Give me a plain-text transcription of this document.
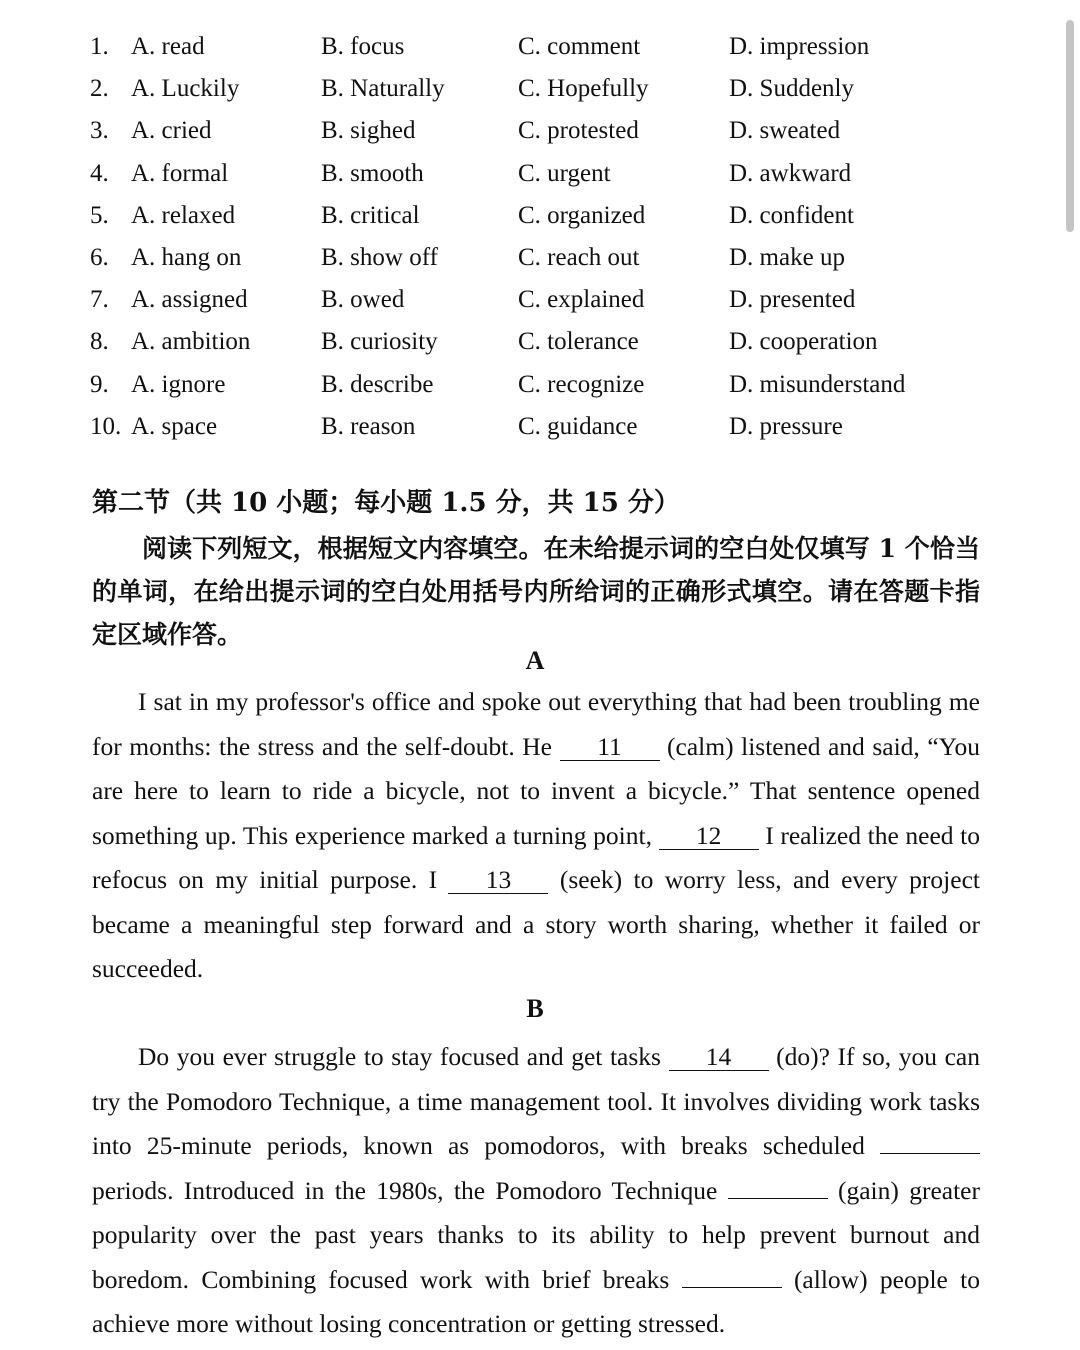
1. A. read	B. focus	C. comment	D. impression
2. A. Luckily	B. Naturally	C. Hopefully	D. Suddenly
3. A. cried	B. sighed	C. protested	D. sweated
4. A. formal	B. smooth	C. urgent	D. awkward
5. A. relaxed	B. critical	C. organized	D. confident
6. A. hang on	B. show off	C. reach out	D. make up
7. A. assigned	B. owed	C. explained	D. presented
8. A. ambition	B. curiosity	C. tolerance	D. cooperation
9. A. ignore	B. describe	C. recognize	D. misunderstand
10. A. space	B. reason	C. guidance	D. pressure
第二节（共 10 小题；每小题 1.5 分，共 15 分）
阅读下列短文，根据短文内容填空。在未给提示词的空白处仅填写 1 个恰当的单词，在给出提示词的空白处用括号内所给词的正确形式填空。请在答题卡指定区域作答。
A
I sat in my professor's office and spoke out everything that had been troubling me for months: the stress and the self-doubt. He 11 (calm) listened and said, “You are here to learn to ride a bicycle, not to invent a bicycle.” That sentence opened something up. This experience marked a turning point, 12 I realized the need to refocus on my initial purpose. I 13 (seek) to worry less, and every project became a meaningful step forward and a story worth sharing, whether it failed or succeeded.
B
Do you ever struggle to stay focused and get tasks 14 (do)? If so, you can try the Pomodoro Technique, a time management tool. It involves dividing work tasks into 25-minute periods, known as pomodoros, with breaks scheduled  periods. Introduced in the 1980s, the Pomodoro Technique	(gain) greater popularity over the past years thanks to its ability to help prevent burnout and boredom. Combining focused work with brief breaks	(allow) people to achieve more without losing concentration or getting stressed.
